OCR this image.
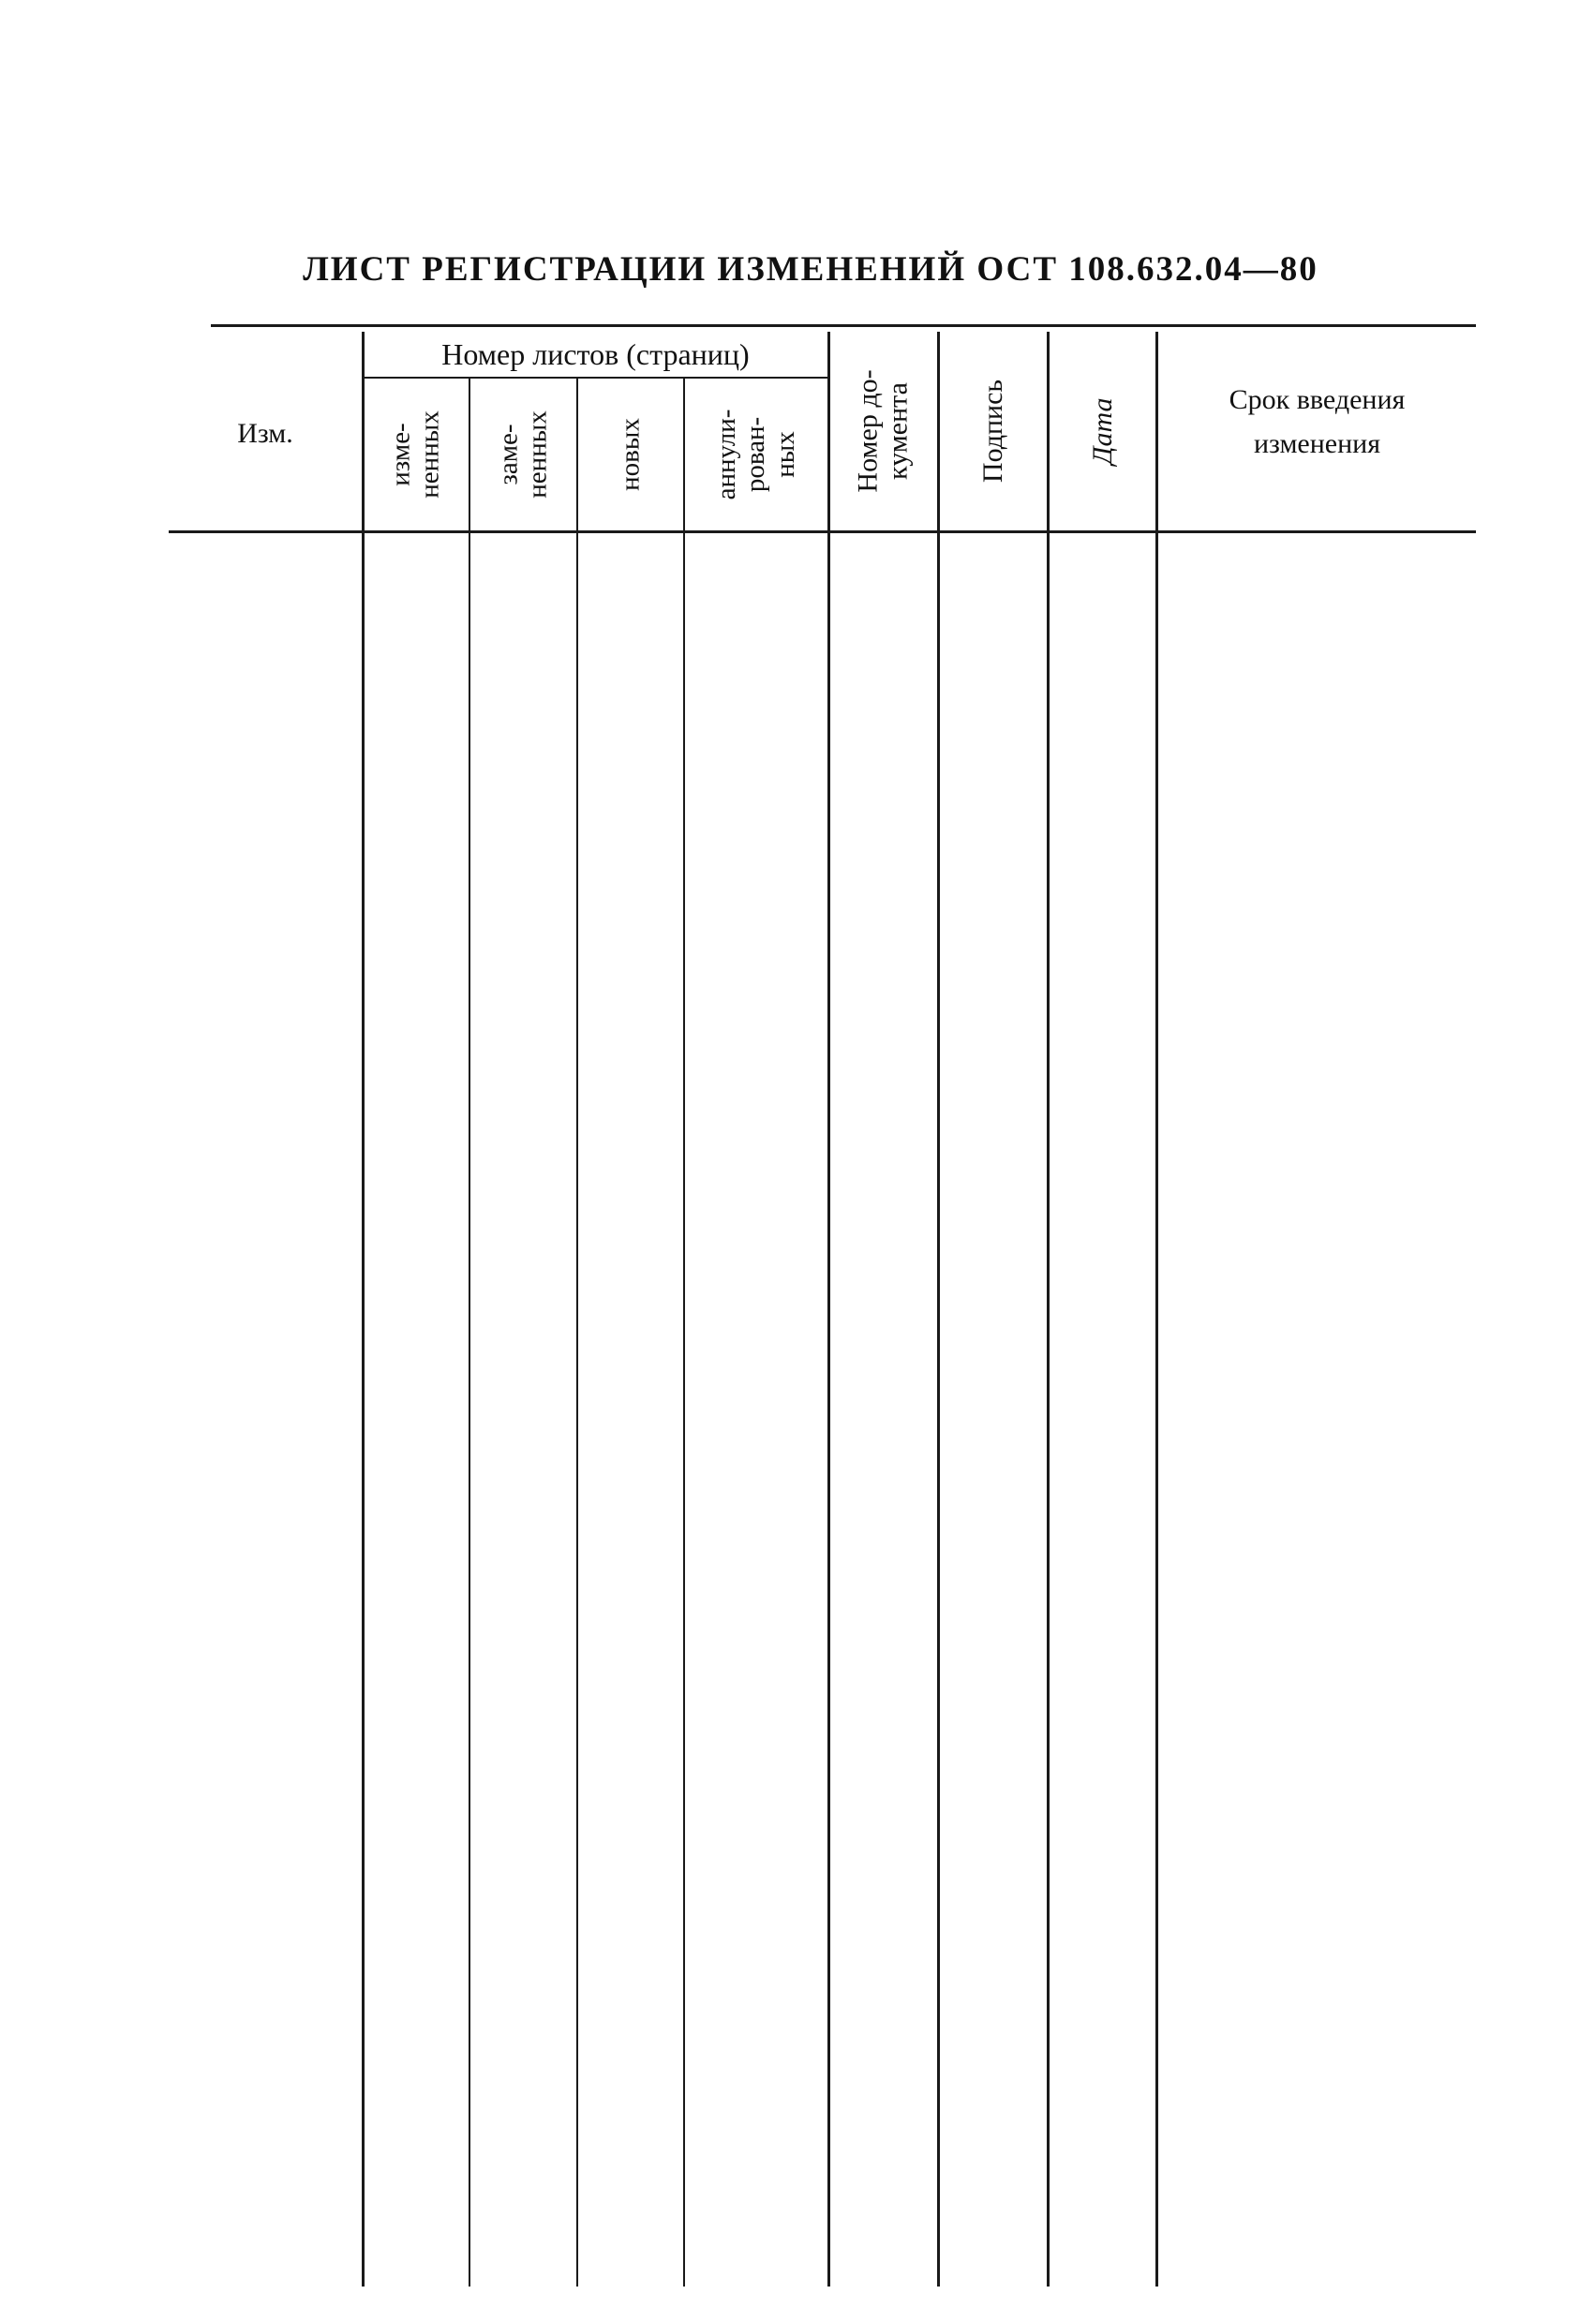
ЛИСТ РЕГИСТРАЦИИ ИЗМЕНЕНИЙ ОСТ 108.632.04—80
Изм.
Номер листов (страниц)
изме-
ненных заме-
ненных новых аннули-
рован-
ных Номер до-
кумента Подпись	Дата	Срок введения
изменения
